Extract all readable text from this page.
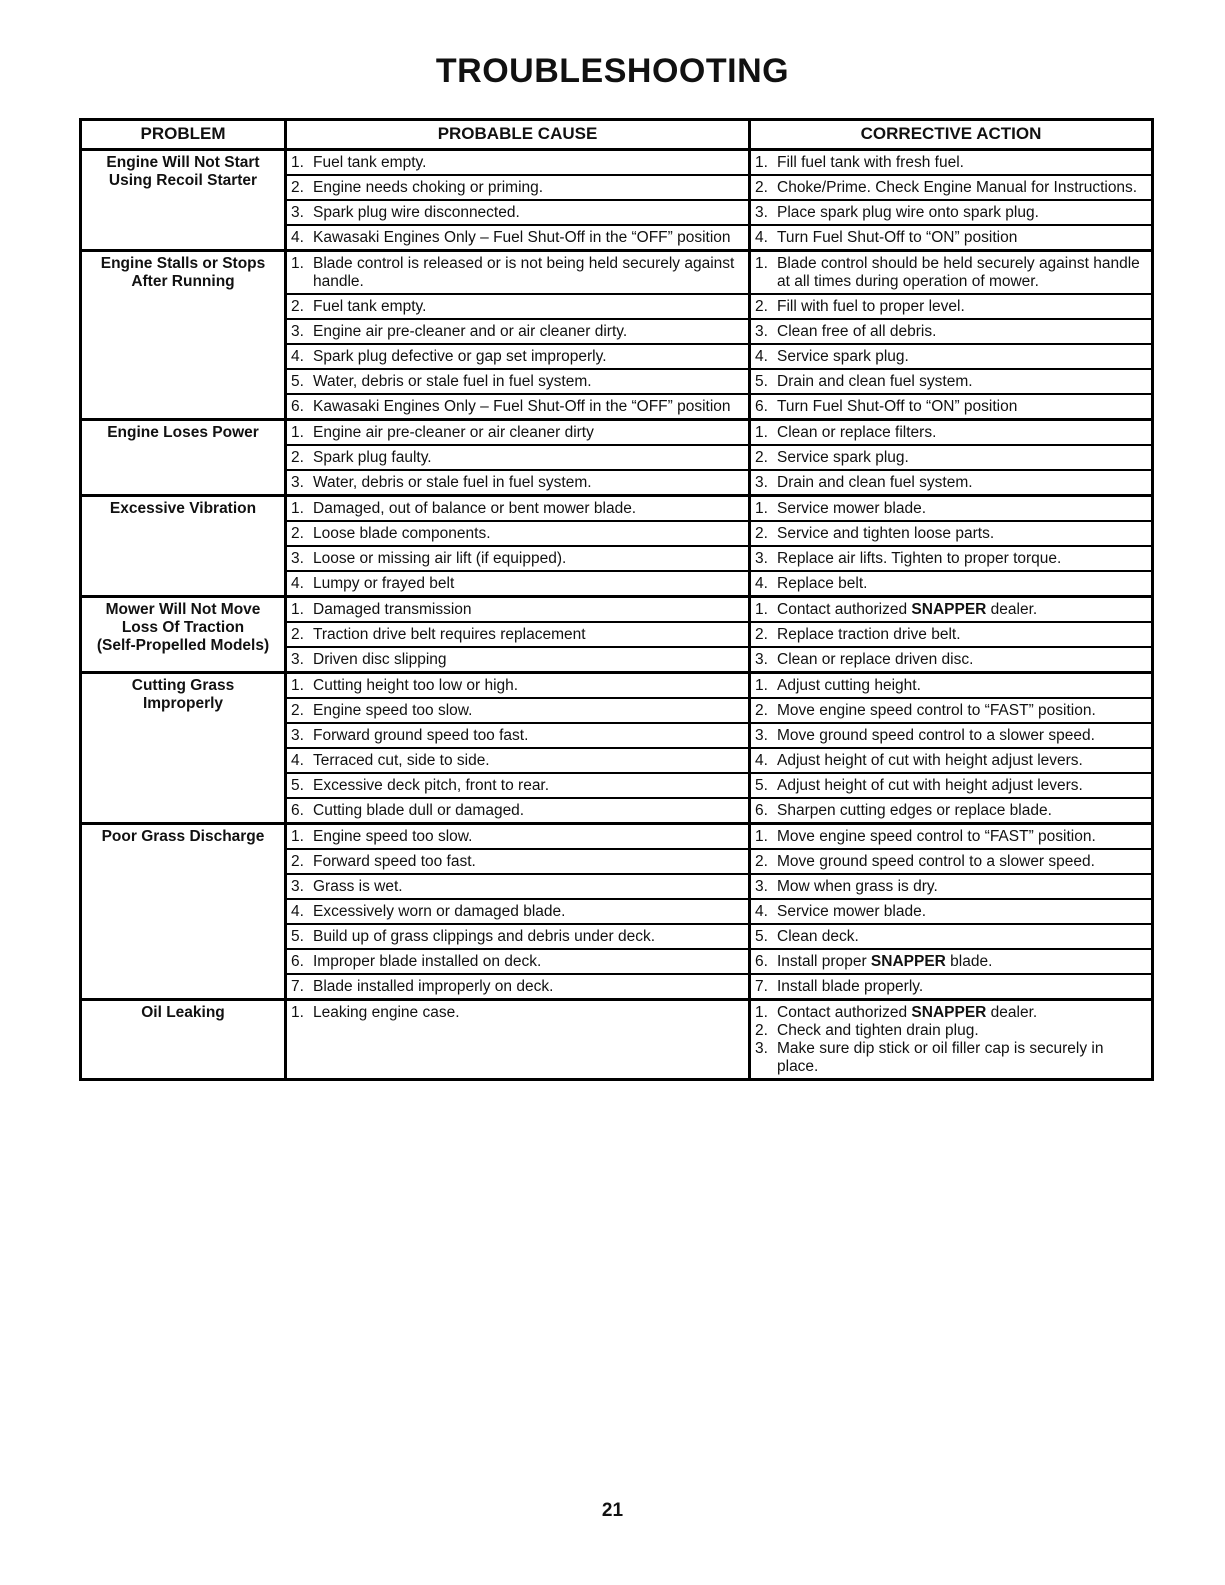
TROUBLESHOOTING
PROBLEM	PROBABLE CAUSE	CORRECTIVE ACTION

Engine Will Not Start
Using Recoil Starter	1. Fuel tank empty.	1. Fill fuel tank with fresh fuel.

	2. Engine needs choking or priming.	2. Choke/Prime. Check Engine Manual for Instructions.

	3. Spark plug wire disconnected.	3. Place spark plug wire onto spark plug.

	4. Kawasaki Engines Only – Fuel Shut-Off in the “OFF” position	4. Turn Fuel Shut-Off to “ON” position

Engine Stalls or Stops
After Running	1. Blade control is released or is not being held securely against handle.	1. Blade control should be held securely against handle at all times during operation of mower.

	2. Fuel tank empty.	2. Fill with fuel to proper level.

	3. Engine air pre-cleaner and or air cleaner dirty.	3. Clean free of all debris.

	4. Spark plug defective or gap set improperly.	4. Service spark plug.

	5. Water, debris or stale fuel in fuel system.	5. Drain and clean fuel system.

	6. Kawasaki Engines Only – Fuel Shut-Off in the “OFF” position	6. Turn Fuel Shut-Off to “ON” position

Engine Loses Power	1. Engine air pre-cleaner or air cleaner dirty	1. Clean or replace filters.

	2. Spark plug faulty.	2. Service spark plug.

	3. Water, debris or stale fuel in fuel system.	3. Drain and clean fuel system.

Excessive Vibration	1. Damaged, out of balance or bent mower blade.	1. Service mower blade.

	2. Loose blade components.	2. Service and tighten loose parts.

	3. Loose or missing air lift (if equipped).	3. Replace air lifts. Tighten to proper torque.

	4. Lumpy or frayed belt	4. Replace belt.

Mower Will Not Move
Loss Of Traction
(Self-Propelled Models)	1. Damaged transmission	1. Contact authorized SNAPPER dealer.

	2. Traction drive belt requires replacement	2. Replace traction drive belt.

	3. Driven disc slipping	3. Clean or replace driven disc.

Cutting Grass
Improperly	1. Cutting height too low or high.	1. Adjust cutting height.

	2. Engine speed too slow.	2. Move engine speed control to “FAST” position.

	3. Forward ground speed too fast.	3. Move ground speed control to a slower speed.

	4. Terraced cut, side to side.	4. Adjust height of cut with height adjust levers.

	5. Excessive deck pitch, front to rear.	5. Adjust height of cut with height adjust levers.

	6. Cutting blade dull or damaged.	6. Sharpen cutting edges or replace blade.

Poor Grass Discharge	1. Engine speed too slow.	1. Move engine speed control to “FAST” position.

	2. Forward speed too fast.	2. Move ground speed control to a slower speed.

	3. Grass is wet.	3. Mow when grass is dry.

	4. Excessively worn or damaged blade.	4. Service mower blade.

	5. Build up of grass clippings and debris under deck.	5. Clean deck.

	6. Improper blade installed on deck.	6. Install proper SNAPPER blade.

	7. Blade installed improperly on deck.	7. Install blade properly.

Oil Leaking	1. Leaking engine case.	1. Contact authorized SNAPPER dealer.
2. Check and tighten drain plug.
3. Make sure dip stick or oil filler cap is securely in place.
21
